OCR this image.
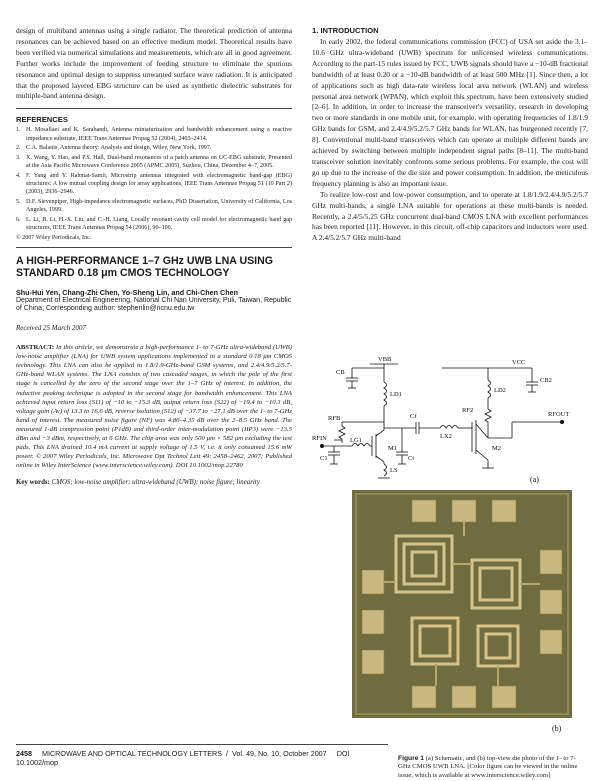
design of multiband antennas using a single radiator. The theoretical prediction of antenna resonances can be achieved based on an effective medium model. Theoretical results have been verified via numerical simulations and measurements, which are all in good agreement. Further works include the improvement of feeding structure to eliminate the spurious resonance and optimal design to suppress unwanted surface wave radiation. It is anticipated that the proposed layered EBG structure can be used as synthetic dielectric substrates for multiple-band antenna design.

REFERENCES

1. H. Mosallaei and K. Sarabandi, Antenna miniaturization and bandwidth enhancement using a reactive impedance substrate, IEEE Trans Antennas Propag 52 (2004), 2403–2414.
2. C.A. Balanis, Antenna theory: Analysis and design, Wiley, New York, 1997.
3. X. Wang, Y. Hao, and P.S. Hall, Dual-band resonances of a patch antenna on UC-EBG substrate, Presented at the Asia Pacific Microwave Conference 2005 (APMC 2005), Suzhou, China, December 4–7, 2005.
4. F. Yang and Y. Rahmat-Samii, Microstrip antennas integrated with electromagnetic band-gap (EBG) structures: A low mutual coupling design for array applications, IEEE Trans Antennas Propag 51 (10 Part 2) (2003), 2936–2946.
5. D.F. Sievenpiper, High-impedance electromagnetic surfaces, PhD Dissertation, University of California, Los Angeles, 1999.
6. L. Li, B. Li, H.-X. Liu, and C.-H. Liang, Locally resonant cavity cell model for electromagnetic band gap structures, IEEE Trans Antennas Propag 54 (2006), 90–100.

© 2007 Wiley Periodicals, Inc.

A HIGH-PERFORMANCE 1–7 GHz UWB LNA USING STANDARD 0.18 μm CMOS TECHNOLOGY

Shu-Hui Yen, Chang-Zhi Chen, Yo-Sheng Lin, and Chi-Chen Chen

Department of Electrical Engineering, National Chi Nan University, Puli, Taiwan, Republic of China; Corresponding author: stephenlin@ncnu.edu.tw

Received 25 March 2007

ABSTRACT: In this article, we demonstrate a high-performance 1- to 7-GHz ultra-wideband (UWB) low-noise amplifier (LNA) for UWB system applications implemented in a standard 0.18 μm CMOS technology. This LNA can also be applied to 1.8/1.9-GHz-band GSM systems, and 2.4/4.9/5.2/5.7-GHz-band WLAN systems. The LNA consists of two cascaded stages, in which the pole of the first stage is cancelled by the zero of the second stage over the 1–7 GHz of interest. In addition, the inductive peaking technique is adopted in the second stage for bandwidth enhancement. This LNA achieved input return loss (S11) of −10 to −15.3 dB, output return loss (S22) of −19.4 to −10.3 dB, voltage gain (Av) of 13.3 to 16.6 dB, reverse isolation (S12) of −37.7 to −27.1 dB over the 1- to 7-GHz band of interest. The measured noise figure (NF) was 4.86–4.35 dB over the 2–8.5 GHz band. The measured 1-dB compression point (P1dB) and third-order inter-modulation point (IIP3) were −13.5 dBm and −3 dBm, respectively, at 6 GHz. The chip area was only 500 μm × 582 μm excluding the test pads. This LNA drained 10.4 mA current at supply voltage of 1.5 V, i.e. it only consumed 15.6 mW power. © 2007 Wiley Periodicals, Inc. Microwave Opt Technol Lett 49: 2458–2462, 2007; Published online in Wiley InterScience (www.interscience.wiley.com). DOI 10.1002/mop.22780

Key words: CMOS; low-noise amplifier; ultra-wideband (UWB); noise figure; linearity

1. INTRODUCTION

In early 2002, the federal communications commission (FCC) of USA set aside the 3.1–10.6 GHz ultra-wideband (UWB) spectrum for unlicensed wireless communications. According to the part-15 rules issued by FCC, UWB signals should have a −10-dB fractional bandwidth of at least 0.20 or a −10-dB bandwidth of at least 500 MHz [1]. Since then, a lot of applications such as high data-rate wireless local area network (WLAN) and wireless personal area network (WPAN), which exploit this spectrum, have been extensively studied [2–6]. In addition, in order to increase the transceiver's versatility, research in developing two or more standards in one mobile unit, for example, with operating frequencies of 1.8/1.9 GHz bands for GSM, and 2.4/4.9/5.2/5.7 GHz bands for WLAN, has burgeoned recently [7, 8]. Conventional multi-band transceivers which can operate at multiple different bands are achieved by switching between multiple independent signal paths [8–11]. The multi-band transceiver solution inevitably confronts some serious problems. For example, the cost will go up due to the increase of the die size and power consumption. In addition, the meticulous frequency planning is also an important issue.

To realize low-cost and low-power consumption, and to operate at 1.8/1.9/2.4/4.9/5.2/5.7 GHz multi-bands, a single LNA suitable for operations at these multi-bands is needed. Recently, a 2.4/5/5.25 GHz concurrent dual-band CMOS LNA with excellent performances has been reported [11]. However, in this circuit, off-chip capacitors and inductors were used. A 2.4/5.2/5.7 GHz multi-band

VBB	VCC
CB
CB2
LD1
LD2
RFB
RF2
Cf
LX2
LG1
C1	Ct
LS
M1	M2
RFIN
RFOUT
(a)
(b)

Figure 1 (a) Schematic, and (b) top-view die photo of the 1- to 7-GHz CMOS UWB LNA. [Color figure can be viewed in the online issue, which is available at www.interscience.wiley.com]

2458 MICROWAVE AND OPTICAL TECHNOLOGY LETTERS / Vol. 49, No. 10, October 2007 DOI 10.1002/mop
